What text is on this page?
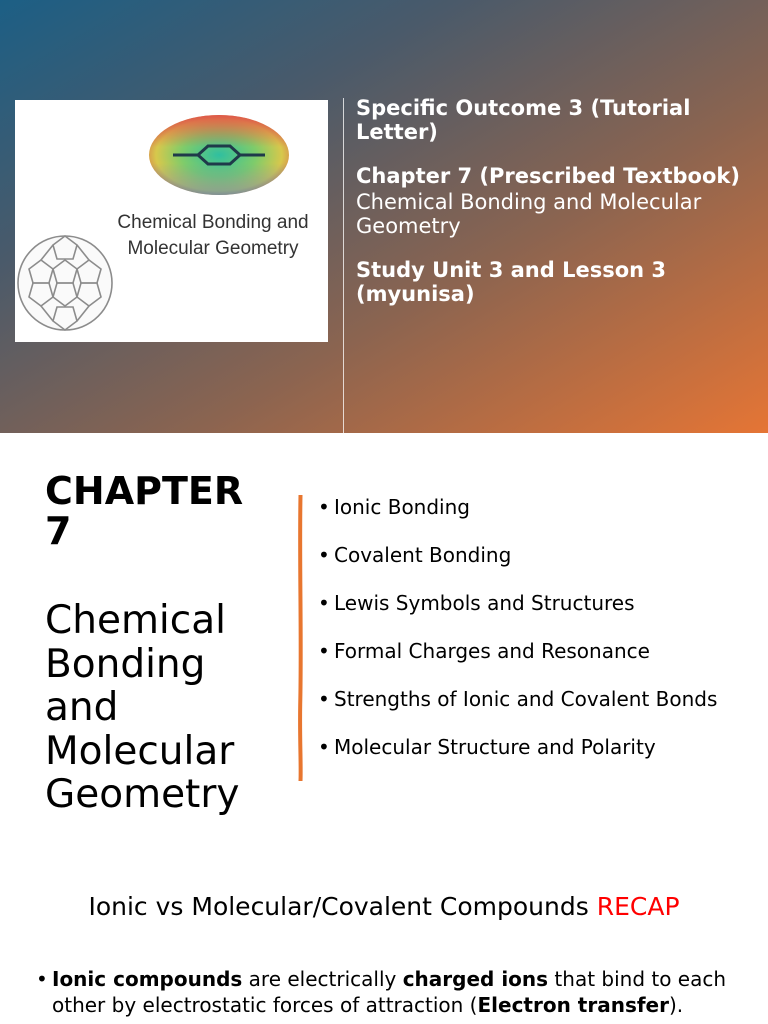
Chemical Bonding and Molecular Geometry
Specific Outcome 3 (Tutorial Letter)
Chapter 7 (Prescribed Textbook)
Chemical Bonding and Molecular Geometry
Study Unit 3 and Lesson 3 (myunisa)
CHAPTER 7
Chemical Bonding and Molecular Geometry
• Ionic Bonding
• Covalent Bonding
• Lewis Symbols and Structures
• Formal Charges and Resonance
• Strengths of Ionic and Covalent Bonds
• Molecular Structure and Polarity
Ionic vs Molecular/Covalent Compounds RECAP
• Ionic compounds are electrically charged ions that bind to each other by electrostatic forces of attraction (Electron transfer).
